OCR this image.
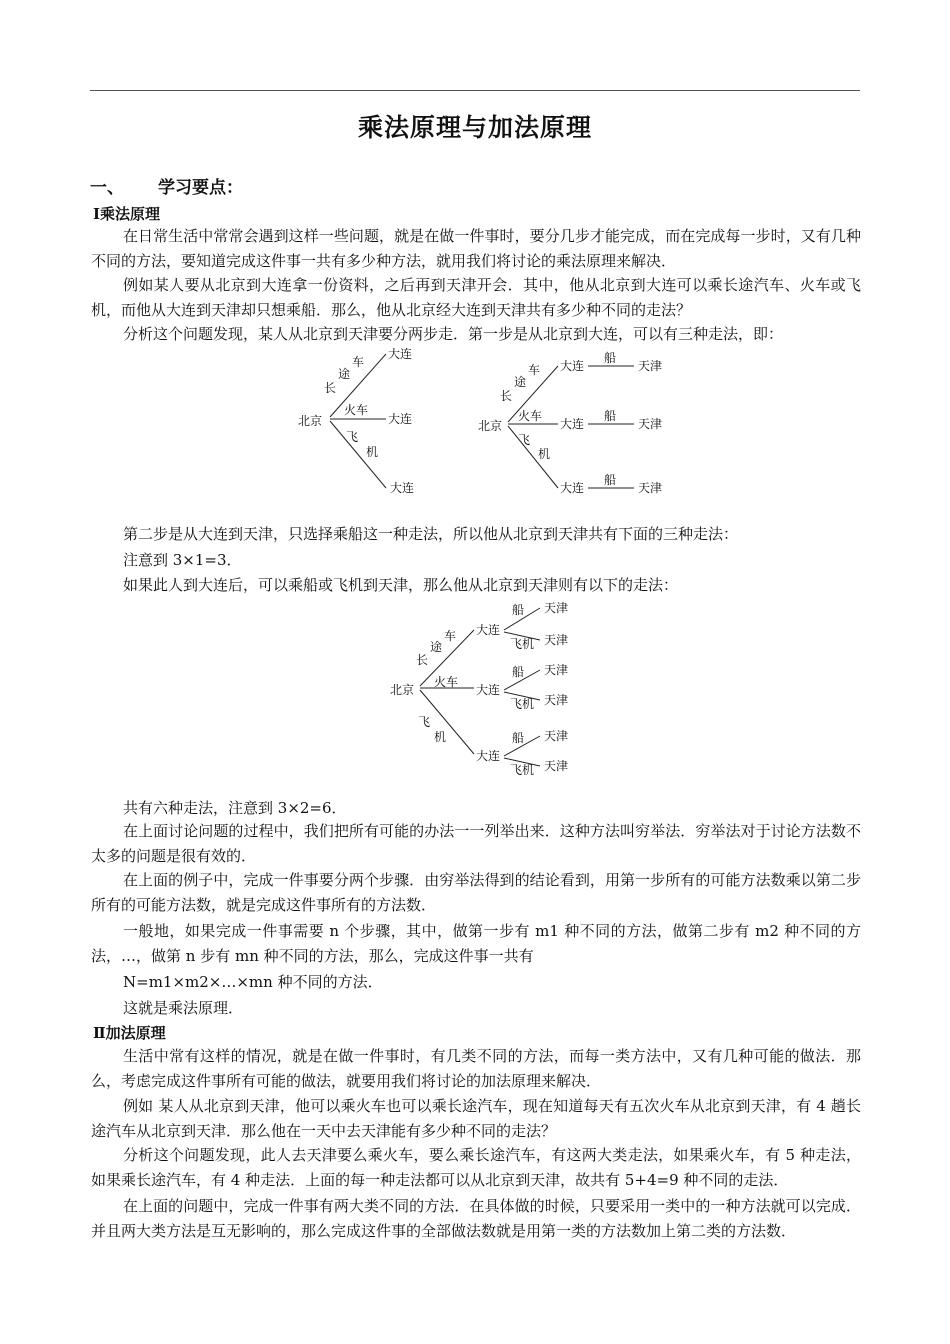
乘法原理与加法原理
一、 学习要点：
Ⅰ乘法原理
在日常生活中常常会遇到这样一些问题，就是在做一件事时，要分几步才能完成，而在完成每一步时，又有几种不同的方法，要知道完成这件事一共有多少种方法，就用我们将讨论的乘法原理来解决．
例如某人要从北京到大连拿一份资料，之后再到天津开会．其中，他从北京到大连可以乘长途汽车、火车或飞机，而他从大连到天津却只想乘船．那么，他从北京经大连到天津共有多少种不同的走法？
分析这个问题发现，某人从北京到天津要分两步走．第一步是从北京到大连，可以有三种走法，即：
北京
大连
大连
大连
长
途
车
火车
飞
机
北京
长
途
车
火车
飞
机
大连
大连
大连
船
船
船
天津
天津
天津
第二步是从大连到天津，只选择乘船这一种走法，所以他从北京到天津共有下面的三种走法：
注意到 3×1=3．
如果此人到大连后，可以乘船或飞机到天津，那么他从北京到天津则有以下的走法：
北京
长
途
车
火车
飞
机
大连
大连
大连
船
飞机
船
飞机
船
飞机
天津
天津
天津
天津
天津
天津
共有六种走法，注意到 3×2=6．
在上面讨论问题的过程中，我们把所有可能的办法一一列举出来．这种方法叫穷举法．穷举法对于讨论方法数不太多的问题是很有效的．
在上面的例子中，完成一件事要分两个步骤．由穷举法得到的结论看到，用第一步所有的可能方法数乘以第二步所有的可能方法数，就是完成这件事所有的方法数．
一般地，如果完成一件事需要 n 个步骤，其中，做第一步有 m1 种不同的方法，做第二步有 m2 种不同的方法，…，做第 n 步有 mn 种不同的方法，那么，完成这件事一共有
N=m1×m2×…×mn 种不同的方法．
这就是乘法原理．
Ⅱ加法原理
生活中常有这样的情况，就是在做一件事时，有几类不同的方法，而每一类方法中，又有几种可能的做法．那么，考虑完成这件事所有可能的做法，就要用我们将讨论的加法原理来解决．
例如 某人从北京到天津，他可以乘火车也可以乘长途汽车，现在知道每天有五次火车从北京到天津，有 4 趟长途汽车从北京到天津．那么他在一天中去天津能有多少种不同的走法？
分析这个问题发现，此人去天津要么乘火车，要么乘长途汽车，有这两大类走法，如果乘火车，有 5 种走法，如果乘长途汽车，有 4 种走法．上面的每一种走法都可以从北京到天津，故共有 5+4=9 种不同的走法．
在上面的问题中，完成一件事有两大类不同的方法．在具体做的时候，只要采用一类中的一种方法就可以完成．并且两大类方法是互无影响的，那么完成这件事的全部做法数就是用第一类的方法数加上第二类的方法数．
